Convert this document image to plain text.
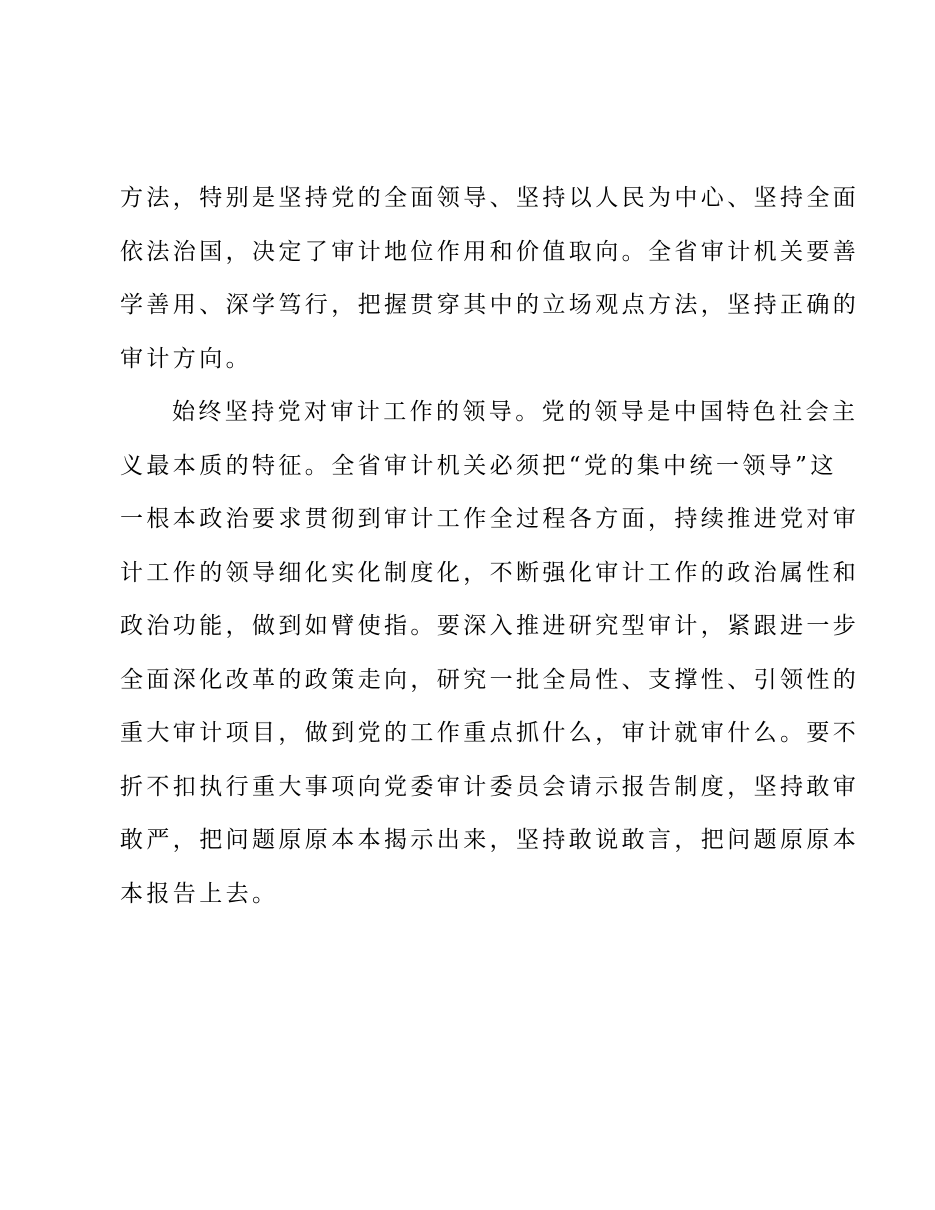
方法，特别是坚持党的全面领导、坚持以人民为中心、坚持全面
依法治国，决定了审计地位作用和价值取向。全省审计机关要善
学善用、深学笃行，把握贯穿其中的立场观点方法，坚持正确的
审计方向。
始终坚持党对审计工作的领导。党的领导是中国特色社会主
义最本质的特征。全省审计机关必须把“党的集中统一领导”这
一根本政治要求贯彻到审计工作全过程各方面，持续推进党对审
计工作的领导细化实化制度化，不断强化审计工作的政治属性和
政治功能，做到如臂使指。要深入推进研究型审计，紧跟进一步
全面深化改革的政策走向，研究一批全局性、支撑性、引领性的
重大审计项目，做到党的工作重点抓什么，审计就审什么。要不
折不扣执行重大事项向党委审计委员会请示报告制度，坚持敢审
敢严，把问题原原本本揭示出来，坚持敢说敢言，把问题原原本
本报告上去。
